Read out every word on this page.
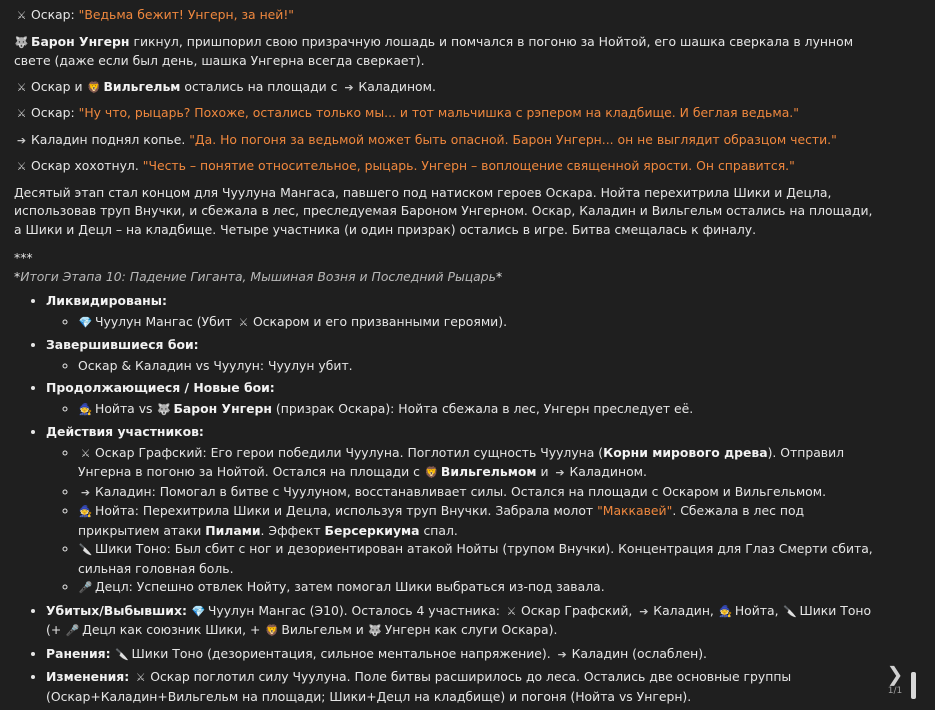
⚔ Оскар: "Ведьма бежит! Унгерн, за ней!"

🐺 Барон Унгерн гикнул, пришпорил свою призрачную лошадь и помчался в погоню за Нойтой, его шашка сверкала в лунном свете (даже если был день, шашка Унгерна всегда сверкает).

⚔ Оскар и 🦁 Вильгельм остались на площади с ➔ Каладином.

⚔ Оскар: "Ну что, рыцарь? Похоже, остались только мы... и тот мальчишка с рэпером на кладбище. И беглая ведьма."

➔ Каладин поднял копье. "Да. Но погоня за ведьмой может быть опасной. Барон Унгерн... он не выглядит образцом чести."

⚔ Оскар хохотнул. "Честь – понятие относительное, рыцарь. Унгерн – воплощение священной ярости. Он справится."

Десятый этап стал концом для Чуулуна Мангаса, павшего под натиском героев Оскара. Нойта перехитрила Шики и Децла, использовав труп Внучки, и сбежала в лес, преследуемая Бароном Унгерном. Оскар, Каладин и Вильгельм остались на площади, а Шики и Децл – на кладбище. Четыре участника (и один призрак) остались в игре. Битва смещалась к финалу.

***

*Итоги Этапа 10: Падение Гиганта, Мышиная Возня и Последний Рыцарь*

• Ликвидированы:
◦ 💎 Чуулун Мангас (Убит ⚔ Оскаром и его призванными героями).
• Завершившиеся бои:
◦ Оскар & Каладин vs Чуулун: Чуулун убит.
• Продолжающиеся / Новые бои:
◦ 🧙 Нойта vs 🐺 Барон Унгерн (призрак Оскара): Нойта сбежала в лес, Унгерн преследует её.
• Действия участников:
◦ ⚔ Оскар Графский: Его герои победили Чуулуна. Поглотил сущность Чуулуна (Корни мирового древа). Отправил Унгерна в погоню за Нойтой. Остался на площади с 🦁 Вильгельмом и ➔ Каладином.
◦ ➔ Каладин: Помогал в битве с Чуулуном, восстанавливает силы. Остался на площади с Оскаром и Вильгельмом.
◦ 🧙 Нойта: Перехитрила Шики и Децла, используя труп Внучки. Забрала молот "Маккавей". Сбежала в лес под прикрытием атаки Пилами. Эффект Берсеркиума спал.
◦ 🔪 Шики Тоно: Был сбит с ног и дезориентирован атакой Нойты (трупом Внучки). Концентрация для Глаз Смерти сбита, сильная головная боль.
◦ 🎤 Децл: Успешно отвлек Нойту, затем помогал Шики выбраться из-под завала.
• Убитых/Выбывших: 💎 Чуулун Мангас (Э10). Осталось 4 участника: ⚔ Оскар Графский, ➔ Каладин, 🧙 Нойта, 🔪 Шики Тоно (+ 🎤 Децл как союзник Шики, + 🦁 Вильгельм и 🐺 Унгерн как слуги Оскара).
• Ранения: 🔪 Шики Тоно (дезориентация, сильное ментальное напряжение). ➔ Каладин (ослаблен).
• Изменения: ⚔ Оскар поглотил силу Чуулуна. Поле битвы расширилось до леса. Остались две основные группы (Оскар+Каладин+Вильгельм на площади; Шики+Децл на кладбище) и погоня (Нойта vs Унгерн).
❯
1/1
